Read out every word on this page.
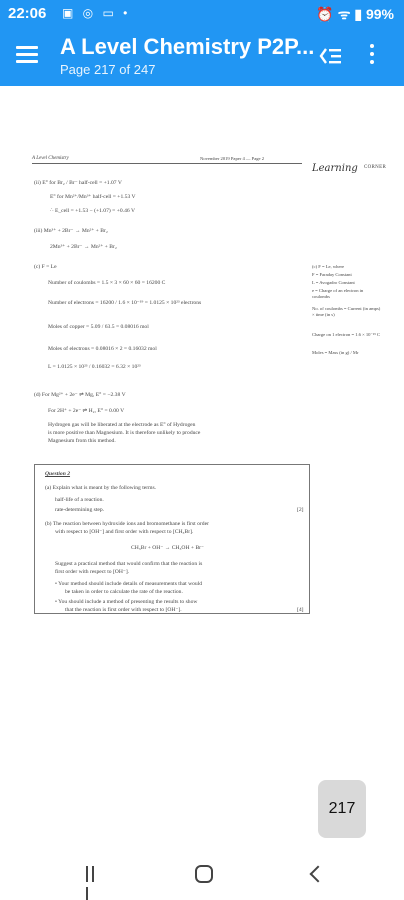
22:06 ▣ ◎ ▭ •	⏰ ᯤ ▮ 99%
A Level Chemistry P2P...
Page 217 of 247
A Level Chemistry	November 2019 Paper 4 — Page 2
Learning CORNER
(ii) E° for Br₂ / Br⁻ half-cell = +1.07 V
E° for Mn²⁺/Mn³⁺ half-cell = +1.53 V
∴ E_cell = +1.53 − (+1.07) = +0.46 V
(iii) Mn³⁺ + 2Br⁻ → Mn²⁺ + Br₂
2Mn³⁺ + 2Br⁻ → Mn²⁺ + Br₂
(c) F = Le
Number of coulombs = 1.5 × 3 × 60 × 60 = 16200 C
Number of electrons = 16200 / 1.6 × 10⁻¹⁹ = 1.0125 × 10²³ electrons
Moles of copper = 5.09 / 63.5 = 0.08016 mol
Moles of electrons = 0.08016 × 2 = 0.16032 mol
L = 1.0125 × 10²³ / 0.16032 = 6.32 × 10²³
(d) For Mg²⁺ + 2e⁻ ⇌ Mg, E° = −2.38 V
For 2H⁺ + 2e⁻ ⇌ H₂, E° = 0.00 V
Hydrogen gas will be liberated at the electrode as E° of Hydrogen
is more positive than Magnesium. It is therefore unlikely to produce
Magnesium from this method.
(c) F = Le, where
F = Faraday Constant
L = Avogadro Constant
e = Charge of an electron in coulombs
No. of coulombs = Current (in amps) × time (in s)
Charge on 1 electron = 1.6 × 10⁻¹⁹ C
Moles = Mass (in g) / Mr
Question 2
(a) Explain what is meant by the following terms.
half-life of a reaction.
rate-determining step.	[2]
(b) The reaction between hydroxide ions and bromomethane is first order
with respect to [OH⁻] and first order with respect to [CH₃Br].
CH₃Br + OH⁻ → CH₃OH + Br⁻
Suggest a practical method that would confirm that the reaction is
first order with respect to [OH⁻].
• Your method should include details of measurements that would
be taken in order to calculate the rate of the reaction.
• You should include a method of presenting the results to show
that the reaction is first order with respect to [OH⁻].	[4]
217
